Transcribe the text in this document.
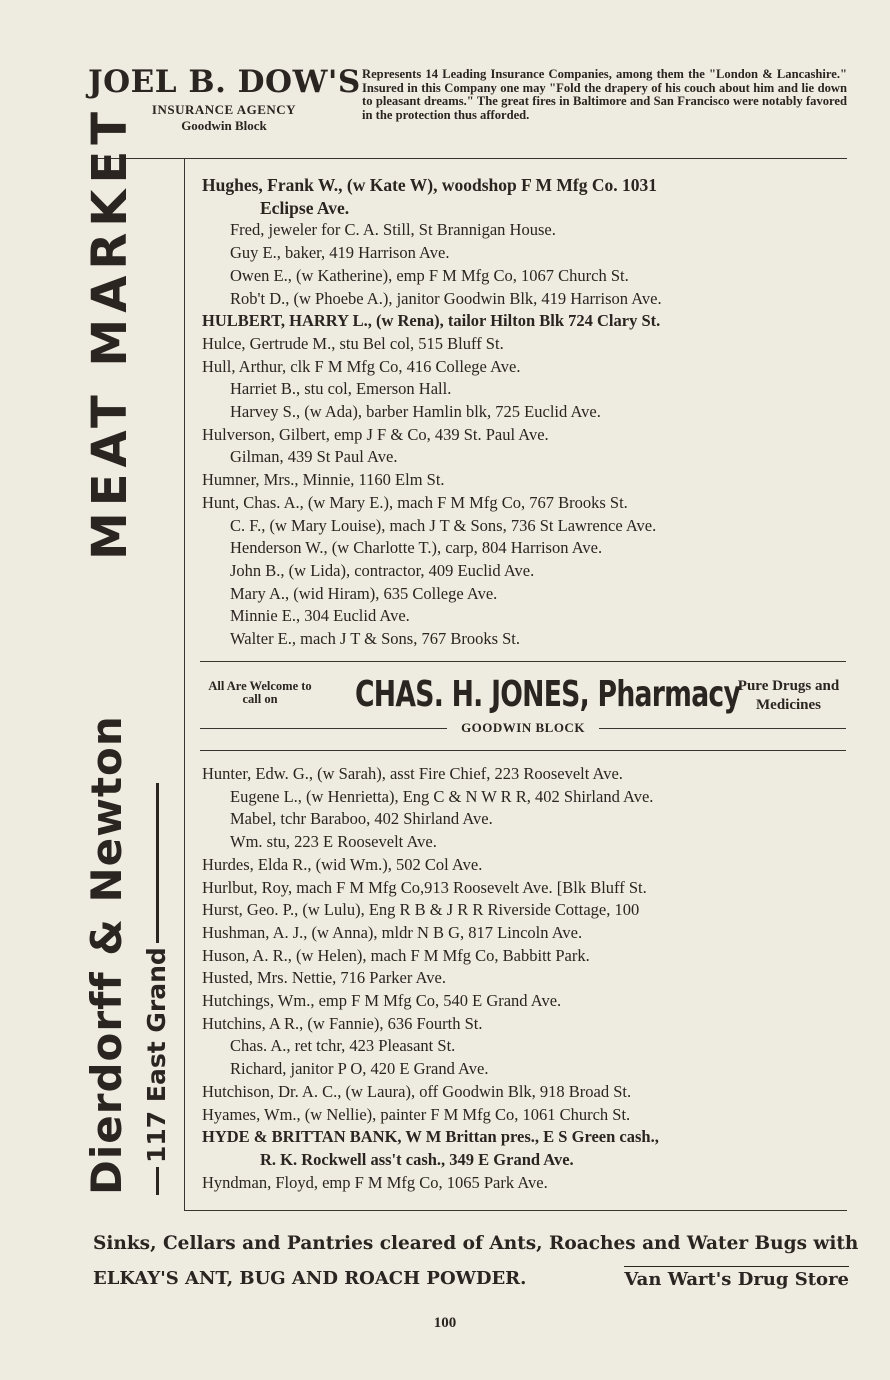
JOEL B. DOW'S
INSURANCE AGENCY
Goodwin Block
Represents 14 Leading Insurance Companies, among them the "London & Lancashire." Insured in this Company one may "Fold the drapery of his couch about him and lie down to pleasant dreams." The great fires in Baltimore and San Francisco were notably favored in the protection thus afforded.
MEAT MARKET
Dierdorff & Newton 117 East Grand
Hughes, Frank W., (w Kate W), woodshop F M Mfg Co. 1031
Eclipse Ave.
Fred, jeweler for C. A. Still, St Brannigan House.
Guy E., baker, 419 Harrison Ave.
Owen E., (w Katherine), emp F M Mfg Co, 1067 Church St.
Rob't D., (w Phoebe A.), janitor Goodwin Blk, 419 Harrison Ave.
HULBERT, HARRY L., (w Rena), tailor Hilton Blk 724 Clary St.
Hulce, Gertrude M., stu Bel col, 515 Bluff St.
Hull, Arthur, clk F M Mfg Co, 416 College Ave.
Harriet B., stu col, Emerson Hall.
Harvey S., (w Ada), barber Hamlin blk, 725 Euclid Ave.
Hulverson, Gilbert, emp J F & Co, 439 St. Paul Ave.
Gilman, 439 St Paul Ave.
Humner, Mrs., Minnie, 1160 Elm St.
Hunt, Chas. A., (w Mary E.), mach F M Mfg Co, 767 Brooks St.
C. F., (w Mary Louise), mach J T & Sons, 736 St Lawrence Ave.
Henderson W., (w Charlotte T.), carp, 804 Harrison Ave.
John B., (w Lida), contractor, 409 Euclid Ave.
Mary A., (wid Hiram), 635 College Ave.
Minnie E., 304 Euclid Ave.
Walter E., mach J T & Sons, 767 Brooks St.
All Are Welcome to call on	CHAS. H. JONES, Pharmacy
Pure Drugs and Medicines
GOODWIN BLOCK
Hunter, Edw. G., (w Sarah), asst Fire Chief, 223 Roosevelt Ave.
Eugene L., (w Henrietta), Eng C & N W R R, 402 Shirland Ave.
Mabel, tchr Baraboo, 402 Shirland Ave.
Wm. stu, 223 E Roosevelt Ave.
Hurdes, Elda R., (wid Wm.), 502 Col Ave.
Hurlbut, Roy, mach F M Mfg Co,913 Roosevelt Ave. [Blk Bluff St.
Hurst, Geo. P., (w Lulu), Eng R B & J R R Riverside Cottage, 100
Hushman, A. J., (w Anna), mldr N B G, 817 Lincoln Ave.
Huson, A. R., (w Helen), mach F M Mfg Co, Babbitt Park.
Husted, Mrs. Nettie, 716 Parker Ave.
Hutchings, Wm., emp F M Mfg Co, 540 E Grand Ave.
Hutchins, A R., (w Fannie), 636 Fourth St.
Chas. A., ret tchr, 423 Pleasant St.
Richard, janitor P O, 420 E Grand Ave.
Hutchison, Dr. A. C., (w Laura), off Goodwin Blk, 918 Broad St.
Hyames, Wm., (w Nellie), painter F M Mfg Co, 1061 Church St.
HYDE & BRITTAN BANK, W M Brittan pres., E S Green cash.,
R. K. Rockwell ass't cash., 349 E Grand Ave.
Hyndman, Floyd, emp F M Mfg Co, 1065 Park Ave.
Sinks, Cellars and Pantries cleared of Ants, Roaches and Water Bugs with
ELKAY'S ANT, BUG AND ROACH POWDER.	Van Wart's Drug Store
100
